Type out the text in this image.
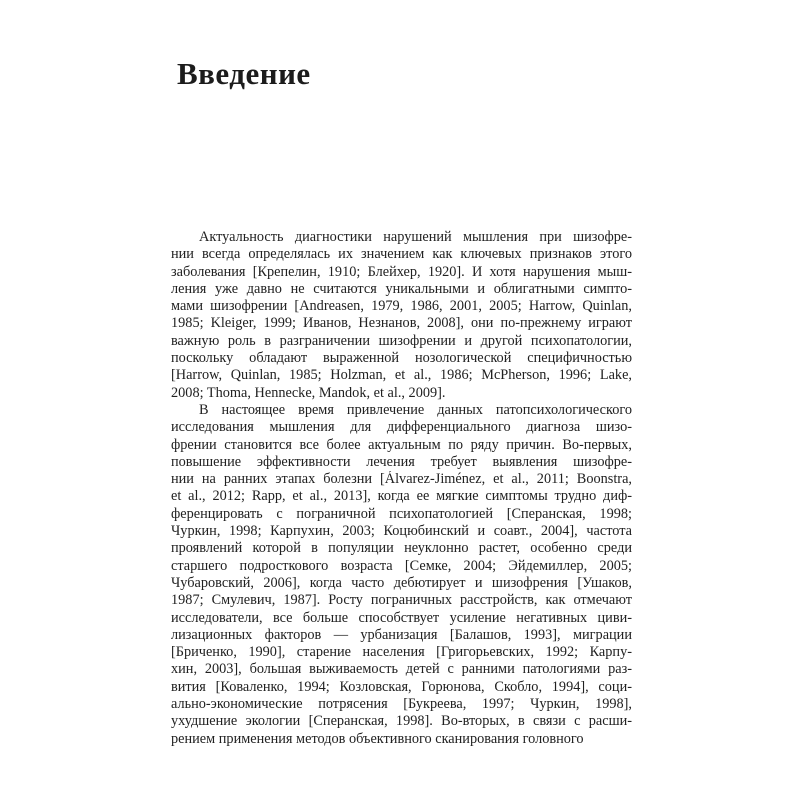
Введение
Актуальность диагностики нарушений мышления при шизофре-
нии всегда определялась их значением как ключевых признаков этого
заболевания [Крепелин, 1910; Блейхер, 1920]. И хотя нарушения мыш-
ления уже давно не считаются уникальными и облигатными симпто-
мами шизофрении [Andreasen, 1979, 1986, 2001, 2005; Harrow, Quinlan,
1985; Kleiger, 1999; Иванов, Незнанов, 2008], они по-прежнему играют
важную роль в разграничении шизофрении и другой психопатологии,
поскольку обладают выраженной нозологической специфичностью
[Harrow, Quinlan, 1985; Holzman, et al., 1986; McPherson, 1996; Lake,
2008; Thoma, Hennecke, Mandok, et al., 2009].
В настоящее время привлечение данных патопсихологического
исследования мышления для дифференциального диагноза шизо-
френии становится все более актуальным по ряду причин. Во-первых,
повышение эффективности лечения требует выявления шизофре-
нии на ранних этапах болезни [Álvarez-Jiménez, et al., 2011; Boonstra,
et al., 2012; Rapp, et al., 2013], когда ее мягкие симптомы трудно диф-
ференцировать с пограничной психопатологией [Сперанская, 1998;
Чуркин, 1998; Карпухин, 2003; Коцюбинский и соавт., 2004], частота
проявлений которой в популяции неуклонно растет, особенно среди
старшего подросткового возраста [Семке, 2004; Эйдемиллер, 2005;
Чубаровский, 2006], когда часто дебютирует и шизофрения [Ушаков,
1987; Смулевич, 1987]. Росту пограничных расстройств, как отмечают
исследователи, все больше способствует усиление негативных циви-
лизационных факторов — урбанизация [Балашов, 1993], миграции
[Бриченко, 1990], старение населения [Григорьевских, 1992; Карпу-
хин, 2003], большая выживаемость детей с ранними патологиями раз-
вития [Коваленко, 1994; Козловская, Горюнова, Скобло, 1994], соци-
ально-экономические потрясения [Букреева, 1997; Чуркин, 1998],
ухудшение экологии [Сперанская, 1998]. Во-вторых, в связи с расши-
рением применения методов объективного сканирования головного
